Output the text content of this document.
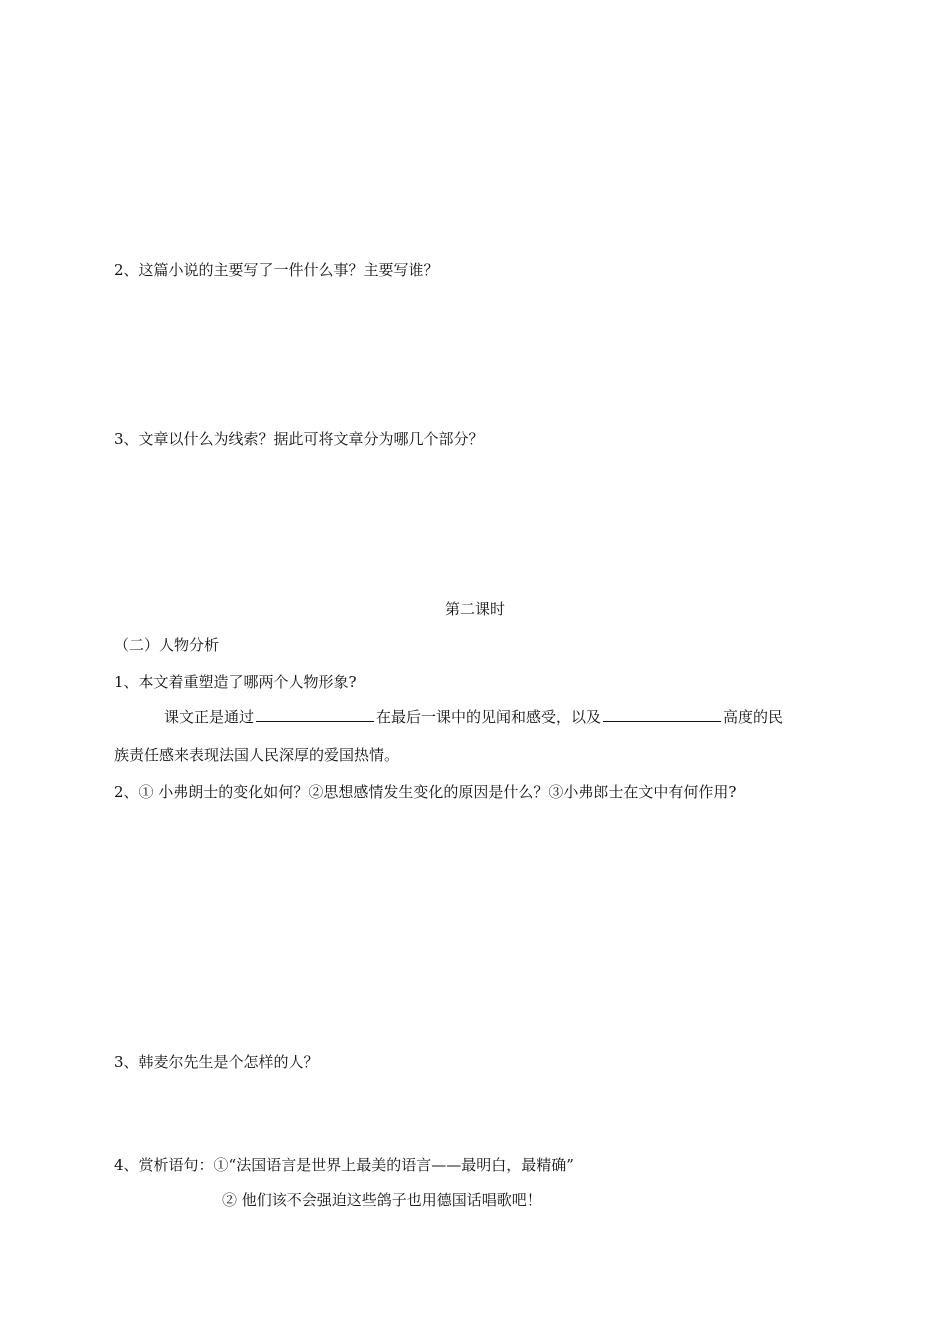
2、这篇小说的主要写了一件什么事？主要写谁？
3、文章以什么为线索？据此可将文章分为哪几个部分？
第二课时
（二）人物分析
1、本文着重塑造了哪两个人物形象?
课文正是通过	在最后一课中的见闻和感受，以及	高度的民
族责任感来表现法国人民深厚的爱国热情。
2、① 小弗朗士的变化如何？②思想感情发生变化的原因是什么？③小弗郎士在文中有何作用?
3、韩麦尔先生是个怎样的人？
4、赏析语句：①“法国语言是世界上最美的语言——最明白，最精确”
② 他们该不会强迫这些鸽子也用德国话唱歌吧！
